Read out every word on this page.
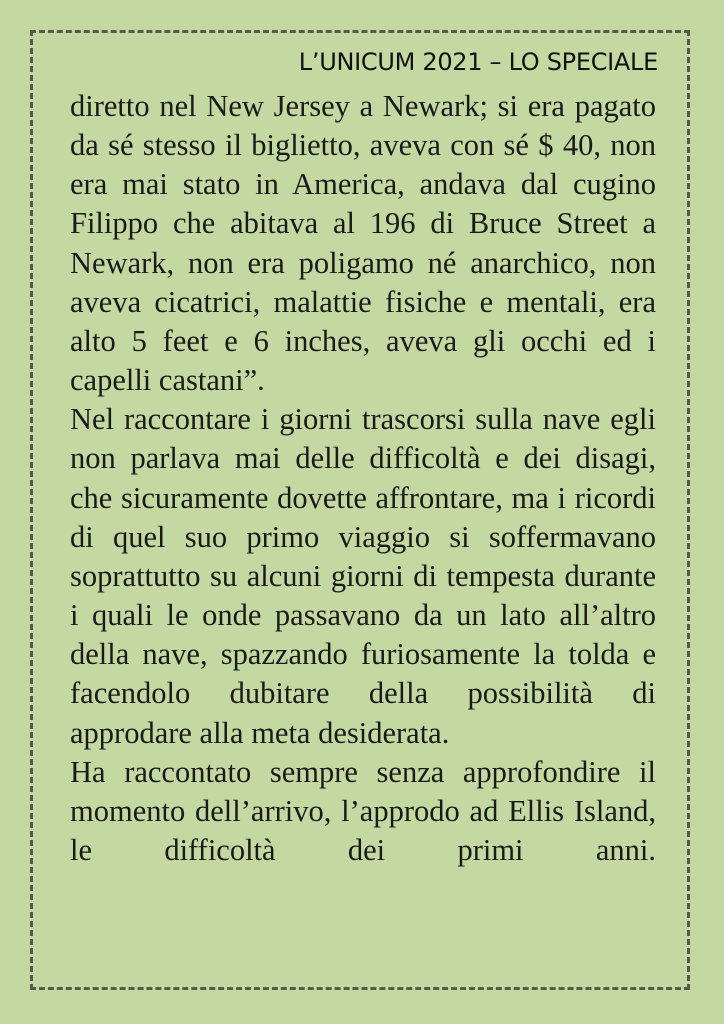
L’UNICUM 2021 – LO SPECIALE

diretto nel New Jersey a Newark; si era pagato da sé stesso il biglietto, aveva con sé $ 40, non era mai stato in America, andava dal cugino Filippo che abitava al 196 di Bruce Street a Newark, non era poligamo né anarchico, non aveva cicatrici, malattie fisiche e mentali, era alto 5 feet e 6 inches, aveva gli occhi ed i capelli castani”.

Nel raccontare i giorni trascorsi sulla nave egli non parlava mai delle difficoltà e dei disagi, che sicuramente dovette affrontare, ma i ricordi di quel suo primo viaggio si soffermavano soprattutto su alcuni giorni di tempesta durante i quali le onde passavano da un lato all’altro della nave, spazzando furiosamente la tolda e facendolo dubitare della possibilità di approdare alla meta desiderata.

Ha raccontato sempre senza approfondire il momento dell’arrivo, l’approdo ad Ellis Island, le difficoltà dei primi anni.
